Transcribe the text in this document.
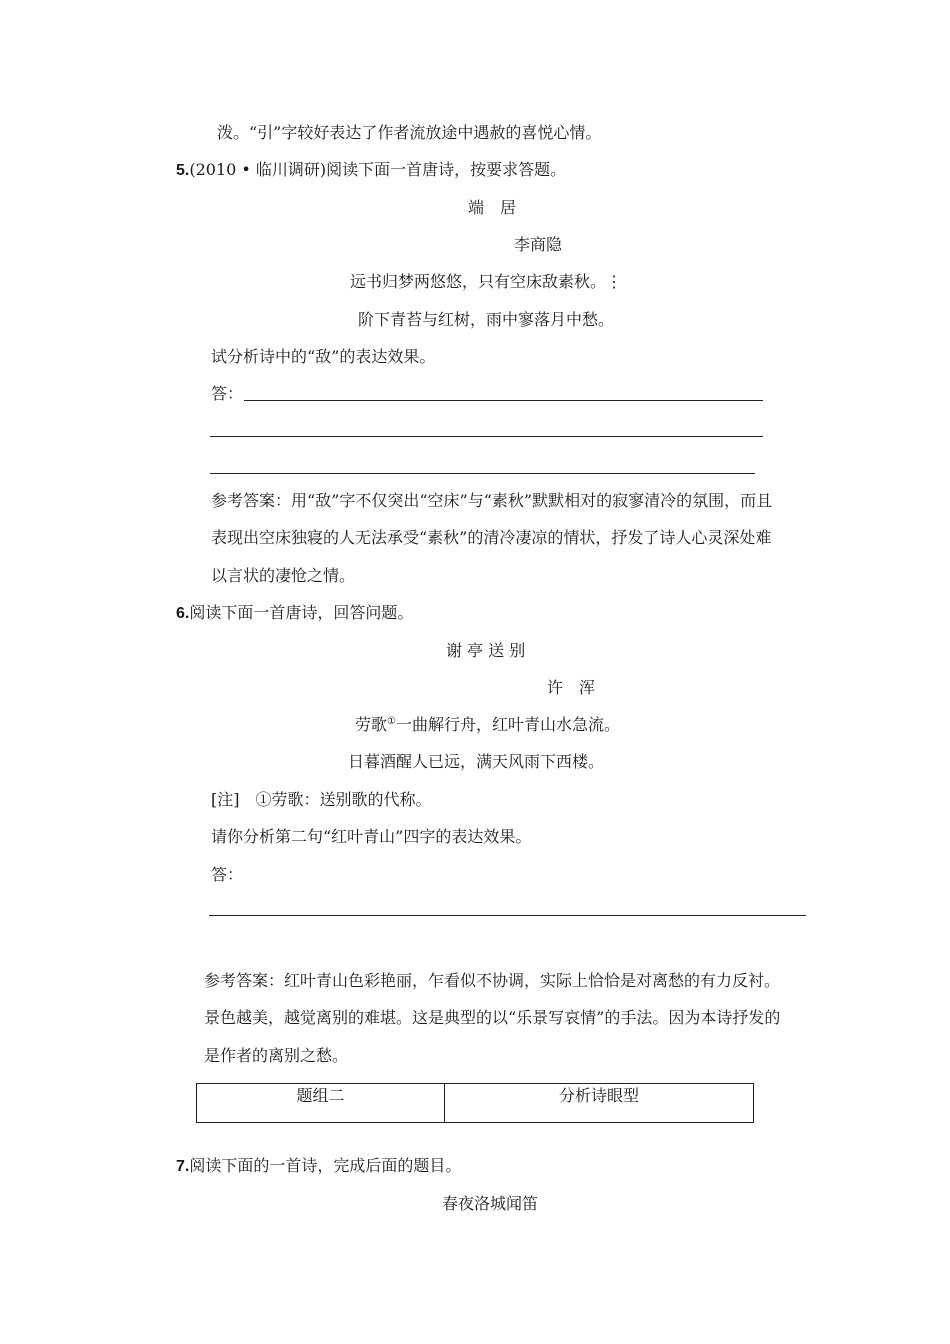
泼。“引”字较好表达了作者流放途中遇赦的喜悦心情。
5.(2010 • 临川调研)阅读下面一首唐诗，按要求答题。
端　居
李商隐
远书归梦两悠悠，只有空床敌素秋。⋮
阶下青苔与红树，雨中寥落月中愁。
试分析诗中的“敌”的表达效果。
答：
参考答案：用“敌”字不仅突出“空床”与“素秋”默默相对的寂寥清冷的氛围，而且
表现出空床独寝的人无法承受“素秋”的清冷凄凉的情状，抒发了诗人心灵深处难
以言状的凄怆之情。
6.阅读下面一首唐诗，回答问题。
谢 亭 送 别
许　浑
劳歌①一曲解行舟，红叶青山水急流。
日暮酒醒人已远，满天风雨下西楼。
[注]　①劳歌：送别歌的代称。
请你分析第二句“红叶青山”四字的表达效果。
答：
参考答案：红叶青山色彩艳丽，乍看似不协调，实际上恰恰是对离愁的有力反衬。
景色越美，越觉离别的难堪。这是典型的以“乐景写哀情”的手法。因为本诗抒发的
是作者的离别之愁。
题组二	分析诗眼型
7.阅读下面的一首诗，完成后面的题目。
春夜洛城闻笛
